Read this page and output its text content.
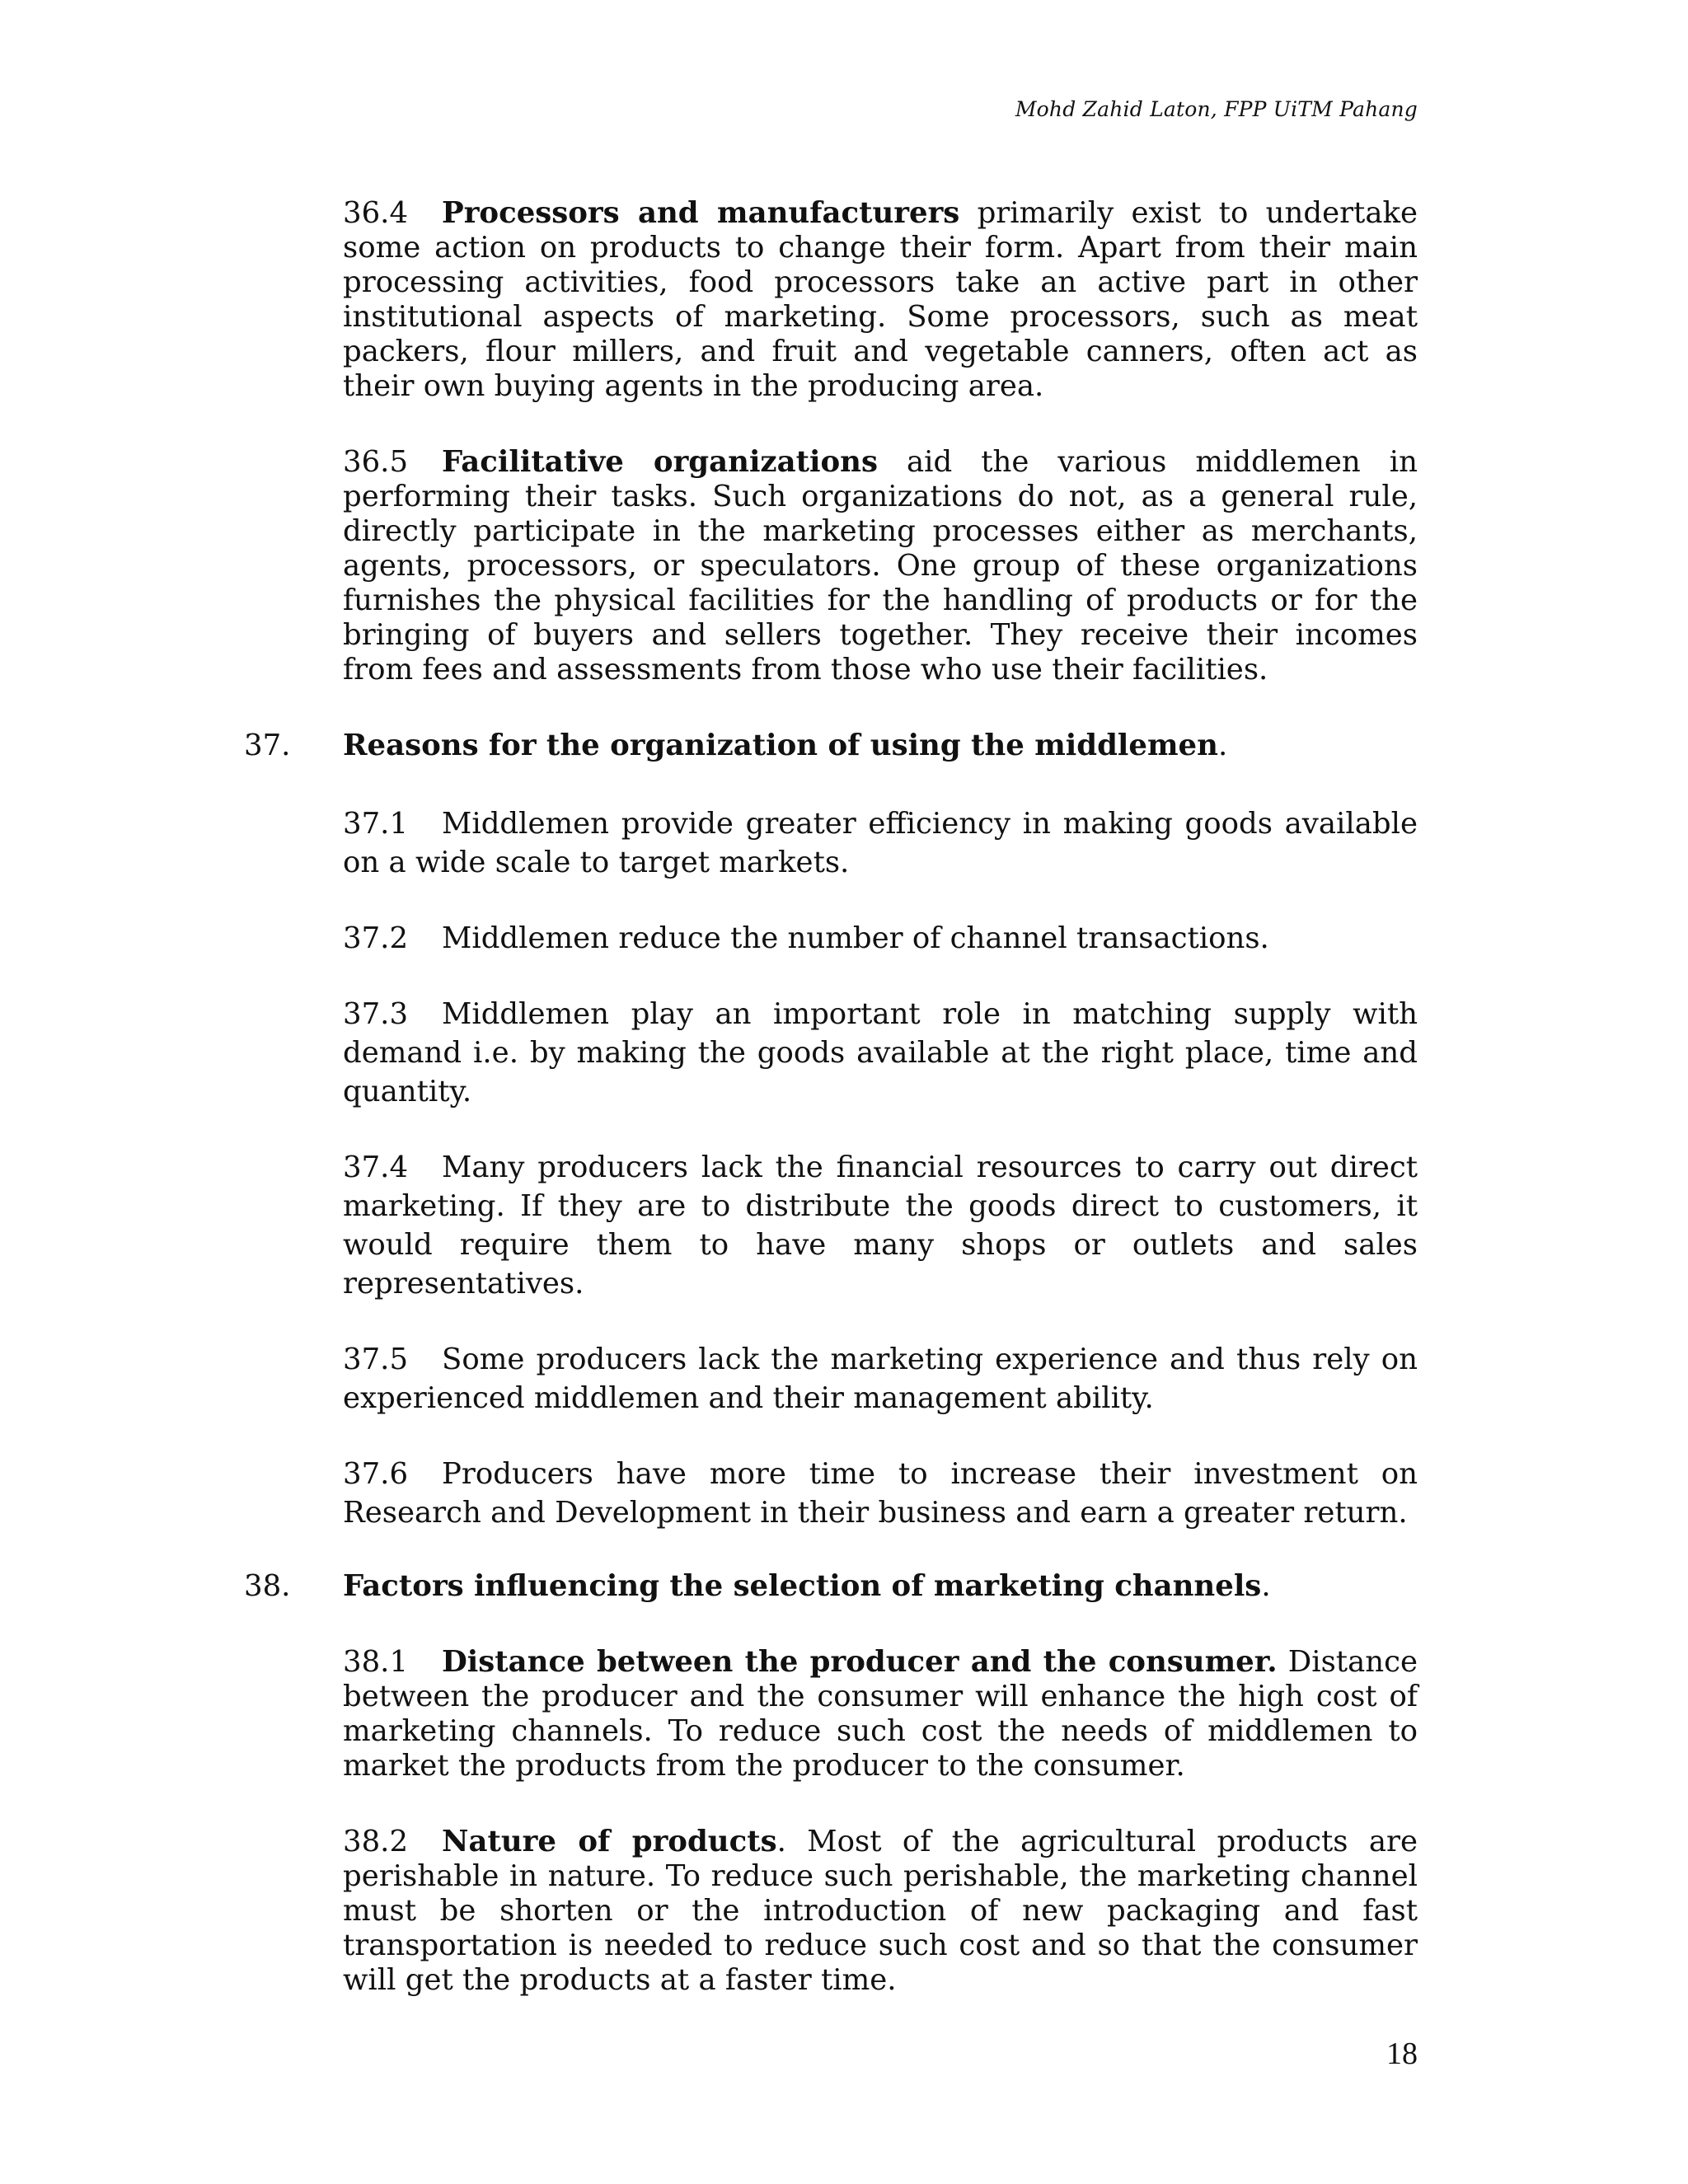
Mohd Zahid Laton, FPP UiTM Pahang

36.4 Processors and manufacturers primarily exist to undertake some action on products to change their form. Apart from their main processing activities, food processors take an active part in other institutional aspects of marketing. Some processors, such as meat packers, flour millers, and fruit and vegetable canners, often act as their own buying agents in the producing area.

36.5 Facilitative organizations aid the various middlemen in performing their tasks. Such organizations do not, as a general rule, directly participate in the marketing processes either as merchants, agents, processors, or speculators. One group of these organizations furnishes the physical facilities for the handling of products or for the bringing of buyers and sellers together. They receive their incomes from fees and assessments from those who use their facilities.

37. Reasons for the organization of using the middlemen.

37.1 Middlemen provide greater efficiency in making goods available on a wide scale to target markets.

37.2 Middlemen reduce the number of channel transactions.

37.3 Middlemen play an important role in matching supply with demand i.e. by making the goods available at the right place, time and quantity.

37.4 Many producers lack the financial resources to carry out direct marketing. If they are to distribute the goods direct to customers, it would require them to have many shops or outlets and sales representatives.

37.5 Some producers lack the marketing experience and thus rely on experienced middlemen and their management ability.

37.6 Producers have more time to increase their investment on Research and Development in their business and earn a greater return.

38. Factors influencing the selection of marketing channels.

38.1 Distance between the producer and the consumer. Distance between the producer and the consumer will enhance the high cost of marketing channels. To reduce such cost the needs of middlemen to market the products from the producer to the consumer.

38.2 Nature of products. Most of the agricultural products are perishable in nature. To reduce such perishable, the marketing channel must be shorten or the introduction of new packaging and fast transportation is needed to reduce such cost and so that the consumer will get the products at a faster time.

18
